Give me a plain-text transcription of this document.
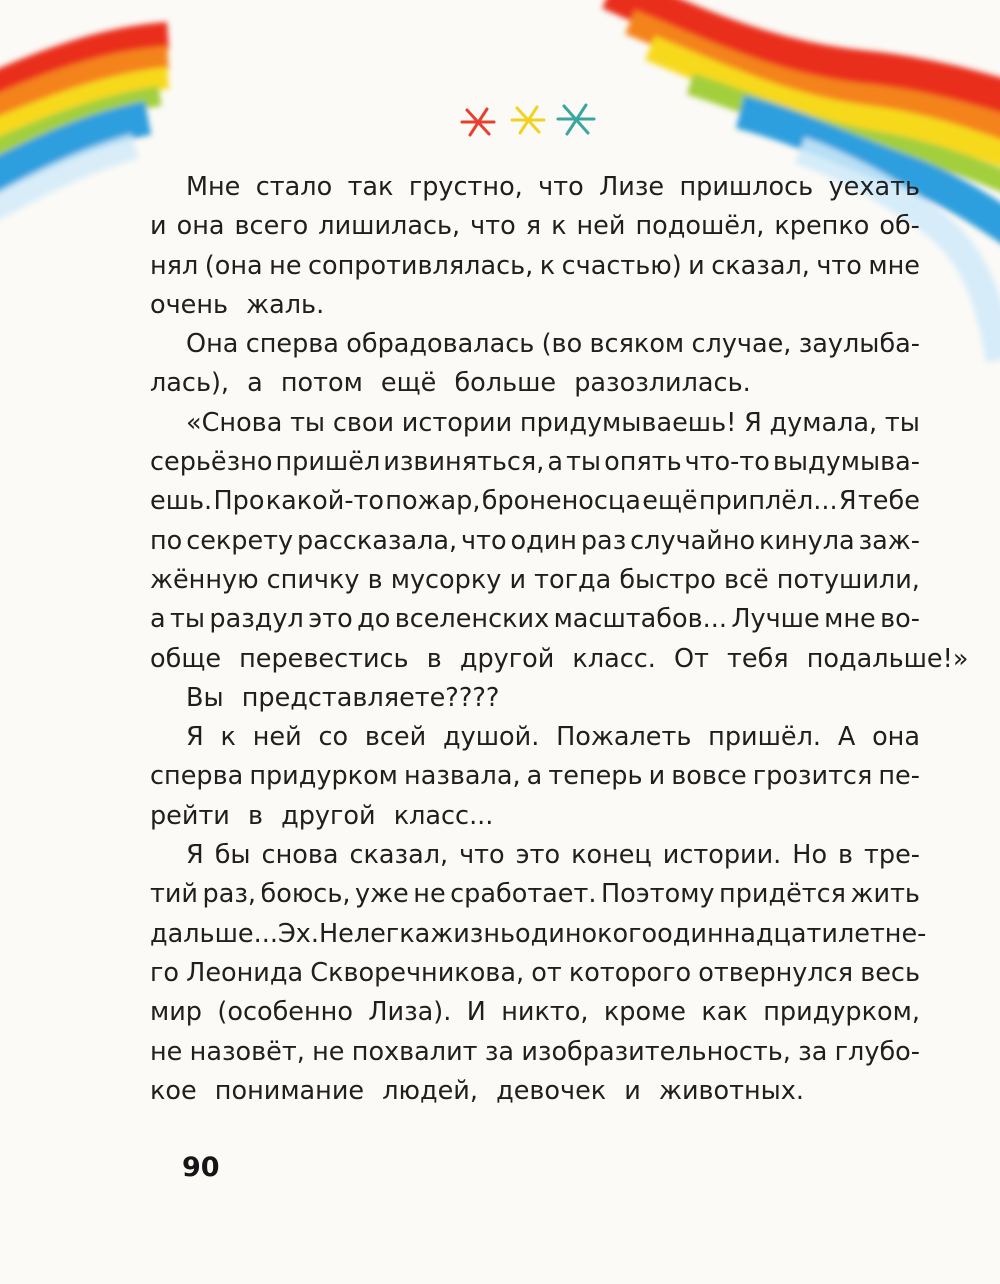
Мне стало так грустно, что Лизе пришлось уехать
и она всего лишилась, что я к ней подошёл, крепко об-
нял (она не сопротивлялась, к счастью) и сказал, что мне
очень жаль.
Она сперва обрадовалась (во всяком случае, заулыба-
лась), а потом ещё больше разозлилась.
«Снова ты свои истории придумываешь! Я думала, ты
серьёзно пришёл извиняться, а ты опять что-то выдумыва-
ешь. Про какой-то пожар, броненосца ещё приплёл... Я тебе
по секрету рассказала, что один раз случайно кинула заж-
жённую спичку в мусорку и тогда быстро всё потушили,
а ты раздул это до вселенских масштабов... Лучше мне во-
обще перевестись в другой класс. От тебя подальше!»
Вы представляете????
Я к ней со всей душой. Пожалеть пришёл. А она
сперва придурком назвала, а теперь и вовсе грозится пе-
рейти в другой класс...
Я бы снова сказал, что это конец истории. Но в тре-
тий раз, боюсь, уже не сработает. Поэтому придётся жить
дальше... Эх. Нелегка жизнь одинокого одиннадцатилетне-
го Леонида Скворечникова, от которого отвернулся весь
мир (особенно Лиза). И никто, кроме как придурком,
не назовёт, не похвалит за изобразительность, за глубо-
кое понимание людей, девочек и животных.
90
